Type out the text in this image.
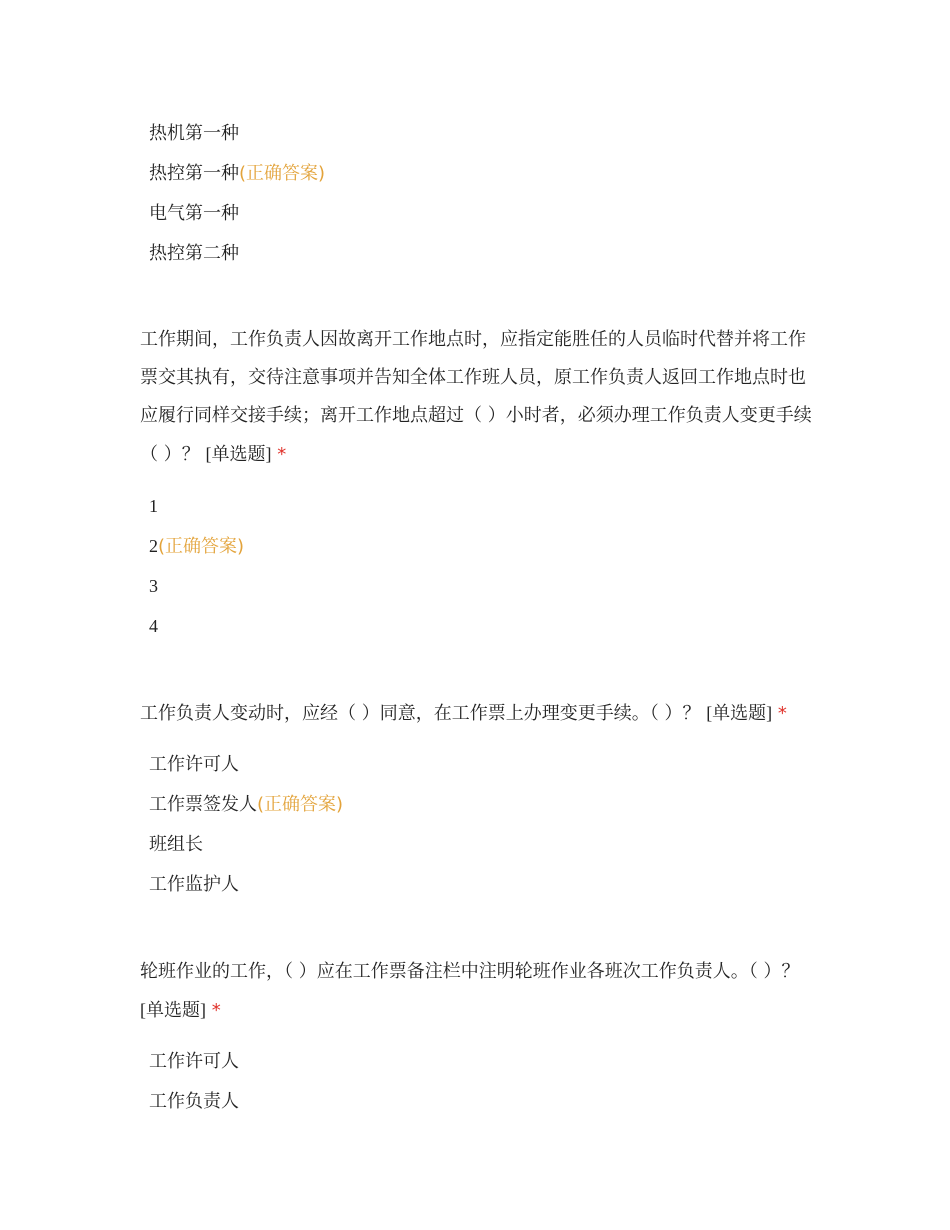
热机第一种
热控第一种(正确答案)
电气第一种
热控第二种

工作期间，工作负责人因故离开工作地点时，应指定能胜任的人员临时代替并将工作票交其执有，交待注意事项并告知全体工作班人员，原工作负责人返回工作地点时也应履行同样交接手续；离开工作地点超过（ ）小时者，必须办理工作负责人变更手续（ ）？ [单选题] *

1
2(正确答案)
3
4

工作负责人变动时，应经（ ）同意，在工作票上办理变更手续。（ ）？ [单选题] *

工作许可人
工作票签发人(正确答案)
班组长
工作监护人

轮班作业的工作，（ ）应在工作票备注栏中注明轮班作业各班次工作负责人。（ ）？ [单选题] *

工作许可人
工作负责人
